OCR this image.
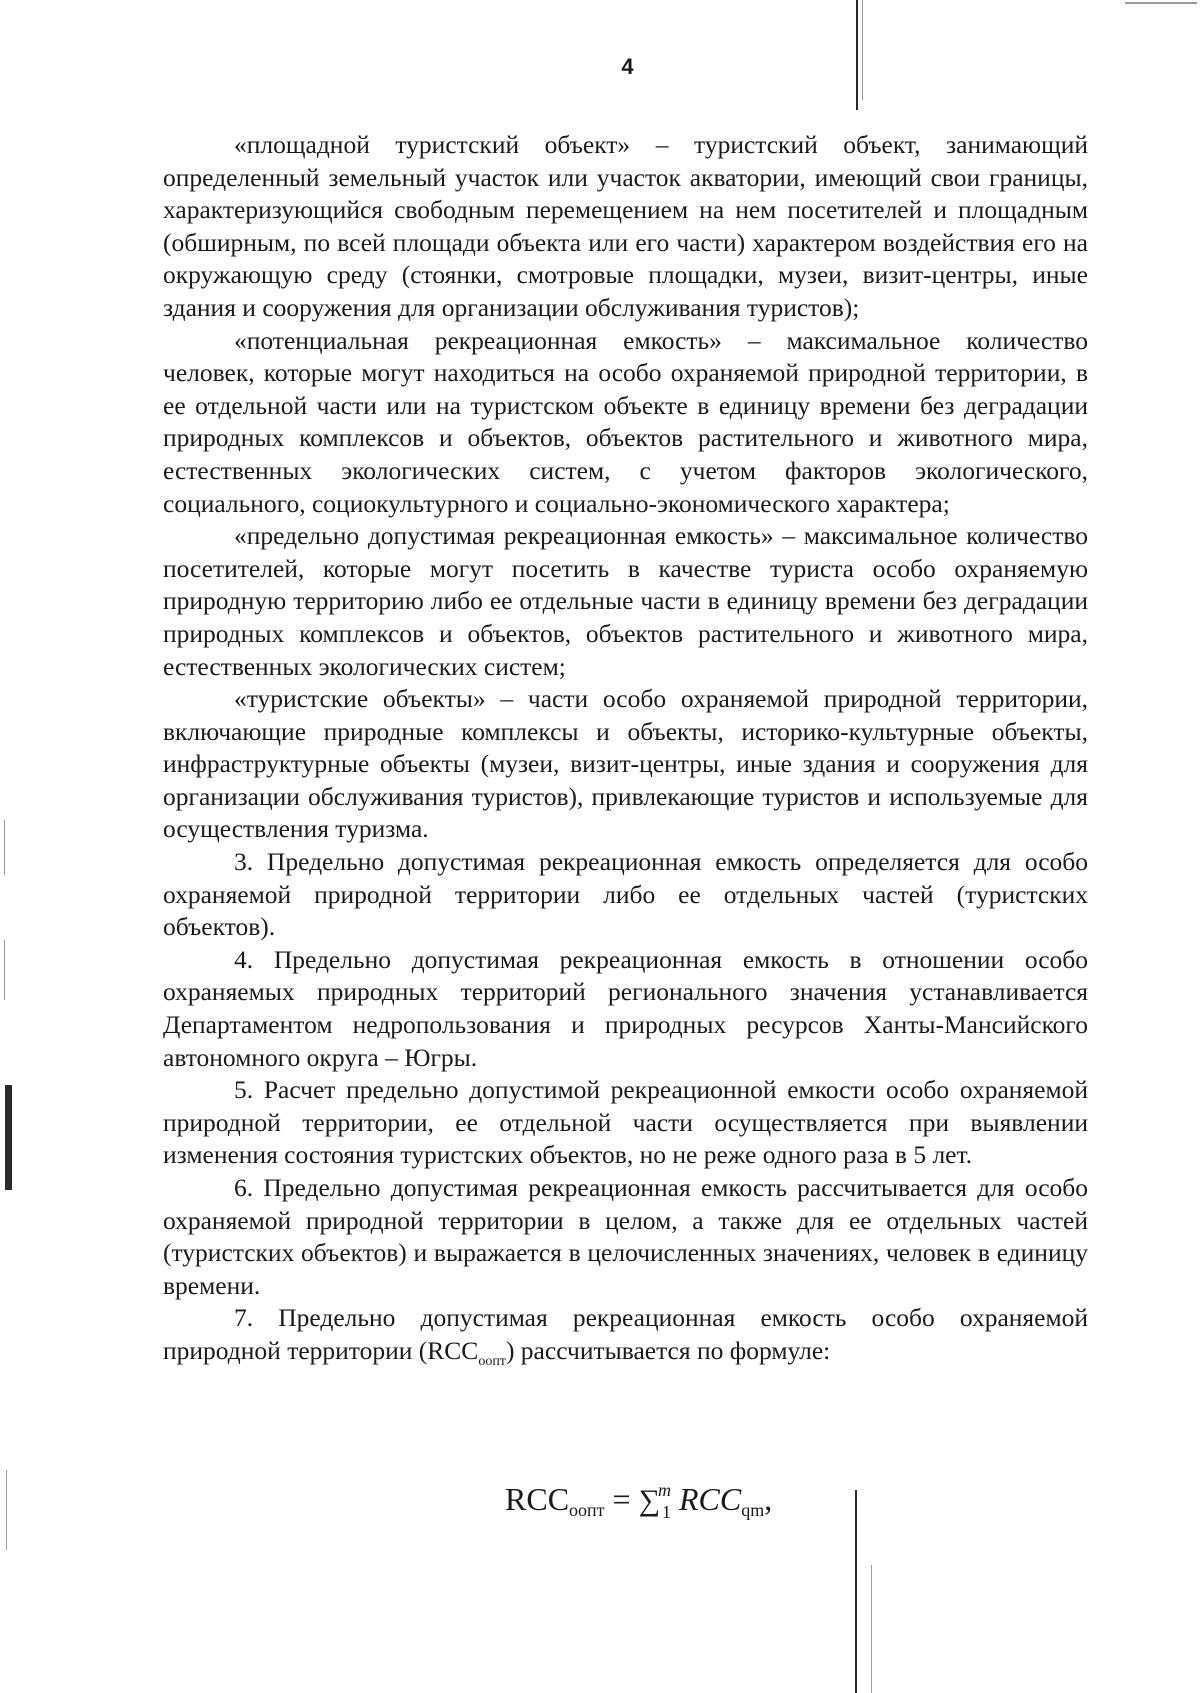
4

«площадной туристский объект» – туристский объект, занимающий определенный земельный участок или участок акватории, имеющий свои границы, характеризующийся свободным перемещением на нем посетителей и площадным (обширным, по всей площади объекта или его части) характером воздействия его на окружающую среду (стоянки, смотровые площадки, музеи, визит-центры, иные здания и сооружения для организации обслуживания туристов);

«потенциальная рекреационная емкость» – максимальное количество человек, которые могут находиться на особо охраняемой природной территории, в ее отдельной части или на туристском объекте в единицу времени без деградации природных комплексов и объектов, объектов растительного и животного мира, естественных экологических систем, с учетом факторов экологического, социального, социокультурного и социально-экономического характера;

«предельно допустимая рекреационная емкость» – максимальное количество посетителей, которые могут посетить в качестве туриста особо охраняемую природную территорию либо ее отдельные части в единицу времени без деградации природных комплексов и объектов, объектов растительного и животного мира, естественных экологических систем;

«туристские объекты» – части особо охраняемой природной территории, включающие природные комплексы и объекты, историко-культурные объекты, инфраструктурные объекты (музеи, визит-центры, иные здания и сооружения для организации обслуживания туристов), привлекающие туристов и используемые для осуществления туризма.

3. Предельно допустимая рекреационная емкость определяется для особо охраняемой природной территории либо ее отдельных частей (туристских объектов).

4. Предельно допустимая рекреационная емкость в отношении особо охраняемых природных территорий регионального значения устанавливается Департаментом недропользования и природных ресурсов Ханты-Мансийского автономного округа – Югры.

5. Расчет предельно допустимой рекреационной емкости особо охраняемой природной территории, ее отдельной части осуществляется при выявлении изменения состояния туристских объектов, но не реже одного раза в 5 лет.

6. Предельно допустимая рекреационная емкость рассчитывается для особо охраняемой природной территории в целом, а также для ее отдельных частей (туристских объектов) и выражается в целочисленных значениях, человек в единицу времени.

7. Предельно допустимая рекреационная емкость особо охраняемой природной территории $(RCC_{оопт})$ рассчитывается по формуле:

$RCC_{оопт} = \sum^m_1$ $RCC_{qm}$,
